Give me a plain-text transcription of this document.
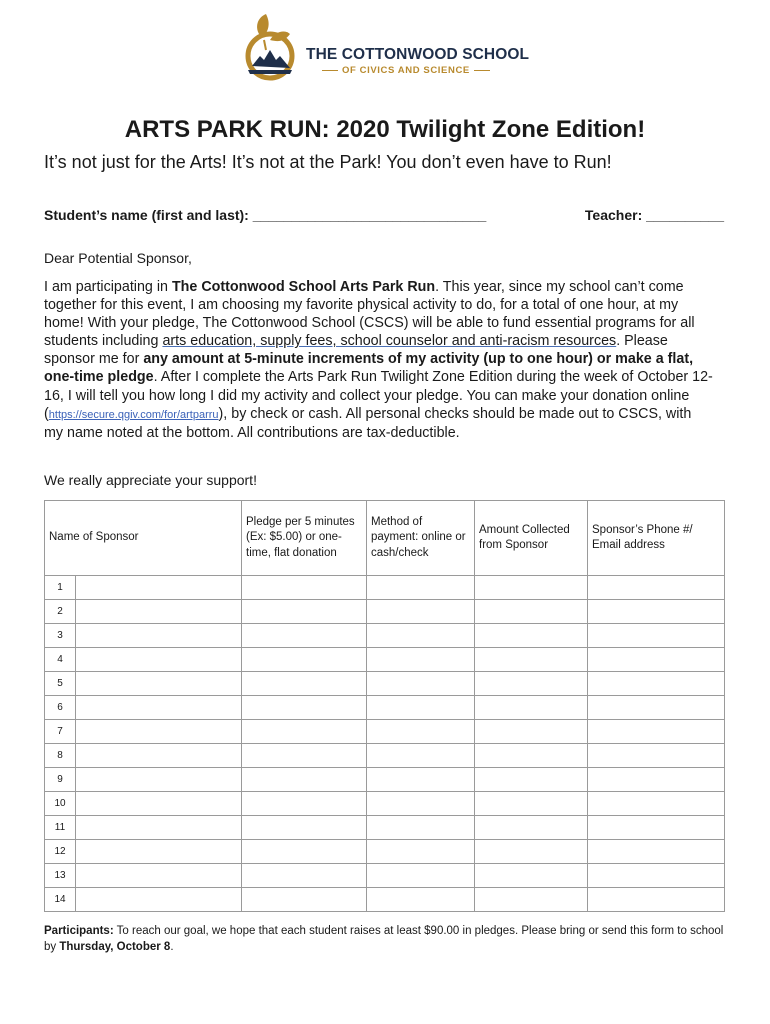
THE COTTONWOOD SCHOOL
OF CIVICS AND SCIENCE
ARTS PARK RUN: 2020 Twilight Zone Edition!

It’s not just for the Arts! It’s not at the Park! You don’t even have to Run!

Student’s name (first and last): ______________________________	Teacher: __________

Dear Potential Sponsor,

I am participating in The Cottonwood School Arts Park Run. This year, since my school can’t come together for this event, I am choosing my favorite physical activity to do, for a total of one hour, at my home! With your pledge, The Cottonwood School (CSCS) will be able to fund essential programs for all students including arts education, supply fees, school counselor and anti-racism resources. Please sponsor me for any amount at 5-minute increments of my activity (up to one hour) or make a flat, one-time pledge. After I complete the Arts Park Run Twilight Zone Edition during the week of October 12-16, I will tell you how long I did my activity and collect your pledge. You can make your donation online (https://secure.qgiv.com/for/artparru), by check or cash. All personal checks should be made out to CSCS, with my name noted at the bottom. All contributions are tax-deductible.

We really appreciate your support!

Name of Sponsor		Pledge per 5 minutes (Ex: $5.00) or one-time, flat donation	Method of payment: online or cash/check	Amount Collected from Sponsor	Sponsor’s Phone #/ Email address
1					
2					
3					
4					
5					
6					
7					
8					
9					
10					
11					
12					
13					
14					

Participants: To reach our goal, we hope that each student raises at least $90.00 in pledges. Please bring or send this form to school by Thursday, October 8.
